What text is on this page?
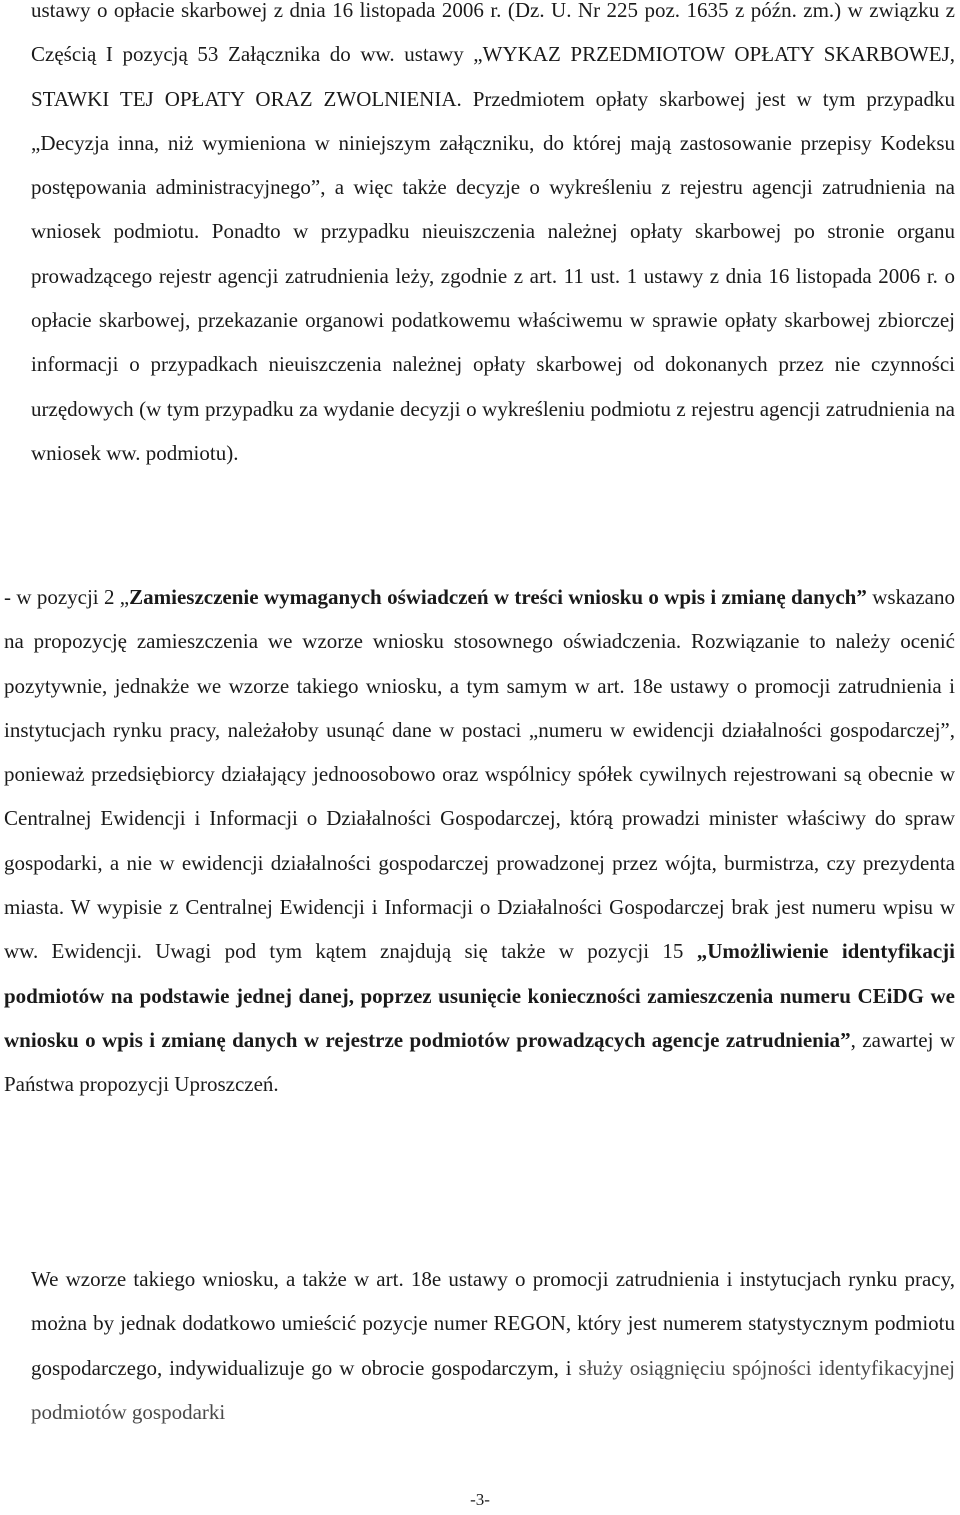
ustawy o opłacie skarbowej z dnia 16 listopada 2006 r. (Dz. U. Nr 225 poz. 1635 z późn. zm.) w związku z Częścią I pozycją 53 Załącznika do ww. ustawy „WYKAZ PRZEDMIOTOW OPŁATY SKARBOWEJ, STAWKI TEJ OPŁATY ORAZ ZWOLNIENIA. Przedmiotem opłaty skarbowej jest w tym przypadku „Decyzja inna, niż wymieniona w niniejszym załączniku, do której mają zastosowanie przepisy Kodeksu postępowania administracyjnego”, a więc także decyzje o wykreśleniu z rejestru agencji zatrudnienia na wniosek podmiotu. Ponadto w przypadku nieuiszczenia należnej opłaty skarbowej po stronie organu prowadzącego rejestr agencji zatrudnienia leży, zgodnie z art. 11 ust. 1 ustawy z dnia 16 listopada 2006 r. o opłacie skarbowej, przekazanie organowi podatkowemu właściwemu w sprawie opłaty skarbowej zbiorczej informacji o przypadkach nieuiszczenia należnej opłaty skarbowej od dokonanych przez nie czynności urzędowych (w tym przypadku za wydanie decyzji o wykreśleniu podmiotu z rejestru agencji zatrudnienia na wniosek ww. podmiotu).

- w pozycji 2 „Zamieszczenie wymaganych oświadczeń w treści wniosku o wpis i zmianę danych” wskazano na propozycję zamieszczenia we wzorze wniosku stosownego oświadczenia. Rozwiązanie to należy ocenić pozytywnie, jednakże we wzorze takiego wniosku, a tym samym w art. 18e ustawy o promocji zatrudnienia i instytucjach rynku pracy, należałoby usunąć dane w postaci „numeru w ewidencji działalności gospodarczej”, ponieważ przedsiębiorcy działający jednoosobowo oraz wspólnicy spółek cywilnych rejestrowani są obecnie w Centralnej Ewidencji i Informacji o Działalności Gospodarczej, którą prowadzi minister właściwy do spraw gospodarki, a nie w ewidencji działalności gospodarczej prowadzonej przez wójta, burmistrza, czy prezydenta miasta. W wypisie z Centralnej Ewidencji i Informacji o Działalności Gospodarczej brak jest numeru wpisu w ww. Ewidencji. Uwagi pod tym kątem znajdują się także w pozycji 15 „Umożliwienie identyfikacji podmiotów na podstawie jednej danej, poprzez usunięcie konieczności zamieszczenia numeru CEiDG we wniosku o wpis i zmianę danych w rejestrze podmiotów prowadzących agencje zatrudnienia”, zawartej w Państwa propozycji Uproszczeń.

We wzorze takiego wniosku, a także w art. 18e ustawy o promocji zatrudnienia i instytucjach rynku pracy, można by jednak dodatkowo umieścić pozycje numer REGON, który jest numerem statystycznym podmiotu gospodarczego, indywidualizuje go w obrocie gospodarczym, i służy osiągnięciu spójności identyfikacyjnej podmiotów gospodarki

-3-
